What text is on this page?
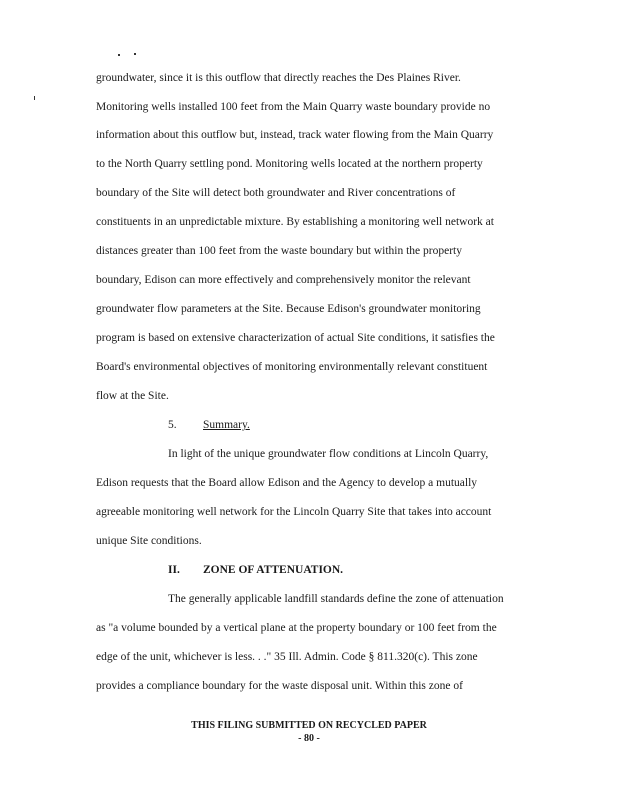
groundwater, since it is this outflow that directly reaches the Des Plaines River.
Monitoring wells installed 100 feet from the Main Quarry waste boundary provide no
information about this outflow but, instead, track water flowing from the Main Quarry
to the North Quarry settling pond. Monitoring wells located at the northern property
boundary of the Site will detect both groundwater and River concentrations of
constituents in an unpredictable mixture. By establishing a monitoring well network at
distances greater than 100 feet from the waste boundary but within the property
boundary, Edison can more effectively and comprehensively monitor the relevant
groundwater flow parameters at the Site. Because Edison's groundwater monitoring
program is based on extensive characterization of actual Site conditions, it satisfies the
Board's environmental objectives of monitoring environmentally relevant constituent
flow at the Site.
5. Summary.
In light of the unique groundwater flow conditions at Lincoln Quarry,
Edison requests that the Board allow Edison and the Agency to develop a mutually
agreeable monitoring well network for the Lincoln Quarry Site that takes into account
unique Site conditions.
II. ZONE OF ATTENUATION.
The generally applicable landfill standards define the zone of attenuation
as "a volume bounded by a vertical plane at the property boundary or 100 feet from the
edge of the unit, whichever is less. . ." 35 Ill. Admin. Code § 811.320(c). This zone
provides a compliance boundary for the waste disposal unit. Within this zone of
THIS FILING SUBMITTED ON RECYCLED PAPER
- 80 -
